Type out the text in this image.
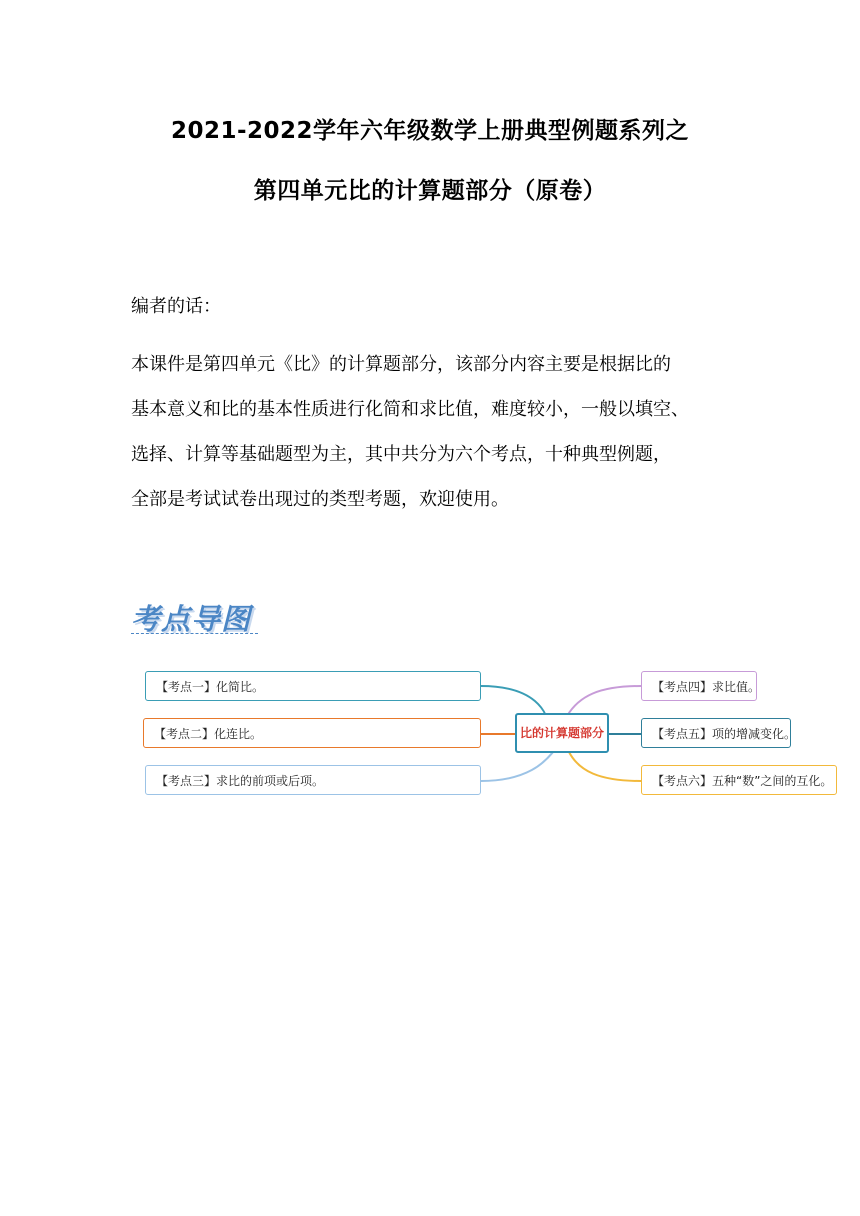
2021-2022学年六年级数学上册典型例题系列之
第四单元比的计算题部分（原卷）
编者的话：
本课件是第四单元《比》的计算题部分，该部分内容主要是根据比的
基本意义和比的基本性质进行化简和求比值，难度较小，一般以填空、
选择、计算等基础题型为主，其中共分为六个考点，十种典型例题，
全部是考试试卷出现过的类型考题，欢迎使用。
考点导图
【考点一】化简比。
【考点二】化连比。
【考点三】求比的前项或后项。
比的计算题部分
【考点四】求比值。
【考点五】项的增减变化。
【考点六】五种“数”之间的互化。
